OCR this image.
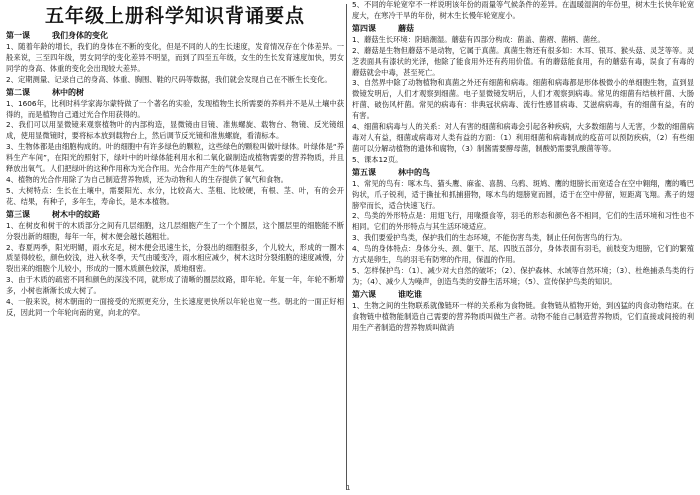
五年级上册科学知识背诵要点
第一课	我们身体的变化

1、随着年龄的增长，我们的身体在不断的变化，但是不同的人的生长速度，发育情况存在个体差异。一般来说，三至四年级，男女同学的变化差异不明显，而到了四至五年级，女生的生长发育速度加快，男女同学的身高、体重的变化会出现较大差异。

2、定期测量、记录自己的身高、体重、胸围、鞋的尺码等数据，我们就会发现自己在不断生长变化。

第二课	林中的树

1、1606年，比利时科学家海尔蒙特做了一个著名的实验，发现植物生长所需要的养料并不是从土壤中获得的，而是植物自己通过光合作用获得的。

2、我们可以用显微镜来观察植物叶的内部构造，显微镜由目镜、准焦螺旋、载物台、物镜、反光镜组成，使用显微镜时，要将标本放到载物台上，然后调节反光镜和准焦螺旋，看清标本。

3、生物体都是由细胞构成的。叶的细胞中有许多绿色的颗粒，这些绿色的颗粒叫做叶绿体。叶绿体是“养料生产车间”，在阳光的照射下，绿叶中的叶绿体能利用水和二氧化碳制造成植物需要的营养物质，并且释放出氧气。人们把绿叶的这种作用称为光合作用。光合作用产生的气体是氧气。

4、植物的光合作用除了为自己制造营养物质，还为动物和人的生存提供了氧气和食物。

5、大树特点：生长在土壤中，需要阳光、水分，比较高大、茎粗、比较硬，有根、茎、叶，有的会开花、结果，有种子，多年生，寿命长，是木本植物。

第三课	树木中的纹路

1、在树皮和树干的木质部分之间有几层细胞，这几层细胞产生了一个个圈层，这个圈层里的细胞能不断分裂出新的细胞，每年一年，树木便会越长越粗壮。

2、春夏两季，阳光明媚，雨水充足，树木便会迅速生长，分裂出的细胞很多，个儿较大，形成的一圈木质显得较松，颜色较浅，进入秋冬季，天气由暖变冷，雨水相应减少，树木这时分裂细胞的速度减慢，分裂出来的细胞个儿较小，形成的一圈木质颜色较深，质地细密。

3、由于木质的疏密不同和颜色的深浅不同，就形成了清晰的圈层纹路，即年轮。年复一年，年轮不断增多，小树也渐渐长成大树了。

4、一般来说，树木朝南的一面接受的光照更充分，生长速度更快所以年轮也宽一些。朝北的一面正好相反，因此同一个年轮向南的宽，向北的窄。

5、不同的年轮宽窄不一样说明该年份的雨量等气候条件的差异。在温暖湿润的年份里，树木生长快年轮宽度大，在寒冷干旱的年份，树木生长慢年轮宽度小。

第四课	蘑菇

1、蘑菇生长环境：阴暗潮湿。蘑菇有四部分构成：菌盖、菌褶、菌柄、菌丝。

2、蘑菇是生物但蘑菇不是动物，它属于真菌。真菌生物还有很多如：木耳、银耳、猴头菇、灵芝等等。灵芝表面具有漆状的光泽，他除了能食用外还有药用价值。有的蘑菇能食用，有的蘑菇有毒，误食了有毒的蘑菇就会中毒，甚至死亡。

3、自然界中除了动物植物和真菌之外还有细菌和病毒。细菌和病毒都是形体极微小的单细胞生物，直到显微镜发明后，人们才观察到细菌。电子显微镜发明后，人们才观察到病毒。常见的细菌有结核杆菌、大肠杆菌、破伤风杆菌。常见的病毒有：非典冠状病毒、流行性感冒病毒、艾滋病病毒，有的细菌有益，有的有害。

4、细菌和病毒与人的关系：对人有害的细菌和病毒会引起各种疾病，大多数细菌与人无害，少数的细菌病毒对人有益，细菌或病毒对人类有益的方面：（1）利用细菌和病毒制成的疫苗可以预防疾病，（2）有些细菌可以分解动植物的遗体和腐物，（3）制酱需要酵母菌，制酸奶需要乳酸菌等等。

5、课本12页。

第五课	林中的鸟

1、常见的鸟有：啄木鸟、猫头鹰、麻雀、喜鹊、乌鸦、斑鸠、鹰的翅膀长而宽适合在空中翱翔，鹰的嘴巴钩状，爪子锐利，适于撕扯和抓捕猎物，啄木鸟的翅膀宽而圆，适于在空中停留，短距离飞翔。燕子的翅膀窄而长，适合快速飞行。

2、鸟类的外形特点是：用翅飞行，用喙摄食等，羽毛的形态和颜色各不相同，它们的生活环境和习性也不相同。它们的外形特点与其生活环境适应。

3、我们要爱护鸟类，保护我们的生态环境，不能伤害鸟类，制止任何伤害鸟的行为。

4、鸟的身体特点：身体分头、颈、躯干、尾、四肢五部分，身体表面有羽毛，前肢变为翅膀，它们的繁殖方式是卵生，鸟的羽毛有防寒的作用，保温的作用。

5、怎样保护鸟：（1）、减少对大自然的破坏；（2）、保护森林、水域等自然环境；（3）、杜绝捕杀鸟类的行为；（4）、减少人为噪声，创造鸟类的安静生活环境；（5）、宣传保护鸟类的知识。

第六课	谁吃谁

1、生物之间的生物联系就像链环一样的关系称为食物链。食物链从植物开始，到凶猛的肉食动物结束。在食物链中植物能制造自己需要的营养物质叫做生产者。动物不能自己制造营养物质，它们直接或间接的利用生产者制造的营养物质叫做消

1
